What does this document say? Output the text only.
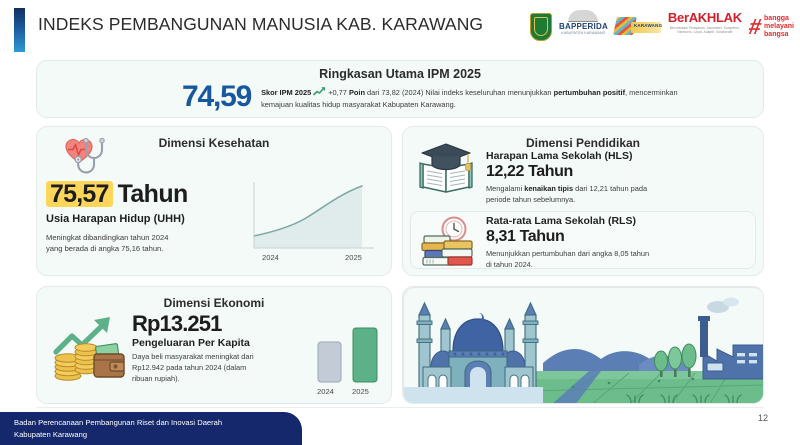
INDEKS PEMBANGUNAN MANUSIA KAB. KARAWANG	BAPPERIDA
KABUPATEN KARAWANG
KARAWANG
BerAKHLAK
Berorientasi Pelayanan, Akuntabel, Kompeten,
Harmonis, Loyal, Adaptif, Kolaboratif # bangga
melayani
bangsa
Ringkasan Utama IPM 2025
74,59 Skor IPM 2025 +0,77 Poin dari 73,82 (2024) Nilai indeks keseluruhan menunjukkan pertumbuhan positif, mencerminkan kemajuan kualitas hidup masyarakat Kabupaten Karawang.
Dimensi Kesehatan
75,57 Tahun
Usia Harapan Hidup (UHH)
Meningkat dibandingkan tahun 2024
yang berada di angka 75,16 tahun.
2024	2025
Dimensi Pendidikan
Harapan Lama Sekolah (HLS)
12,22 Tahun
Mengalami kenaikan tipis dari 12,21 tahun pada
periode tahun sebelumnya.
Rata-rata Lama Sekolah (RLS)
8,31 Tahun
Menunjukkan pertumbuhan dari angka 8,05 tahun
di tahun 2024.
Dimensi Ekonomi
Rp13.251
Pengeluaran Per Kapita
Daya beli masyarakat meningkat dari
Rp12.942 pada tahun 2024 (dalam
ribuan rupiah).
2024 2025
Badan Perencanaan Pembangunan Riset dan Inovasi Daerah
Kabupaten Karawang
12
